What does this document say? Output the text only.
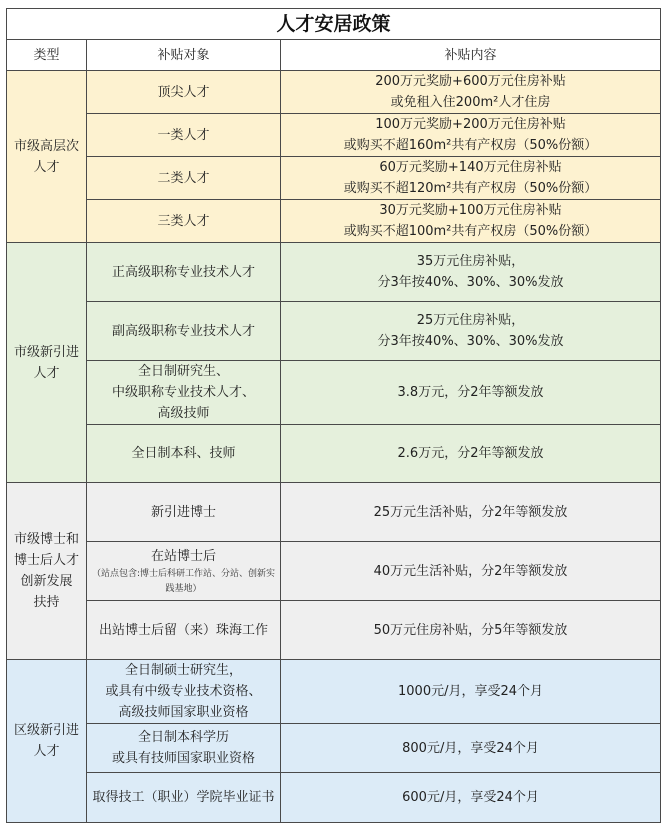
人才安居政策		
类型	补贴对象	补贴内容

市级高层次
人才	顶尖人才	200万元奖励+600万元住房补贴
或免租入住200m²人才住房

	一类人才	100万元奖励+200万元住房补贴
或购买不超160m²共有产权房（50%份额）

	二类人才	60万元奖励+140万元住房补贴
或购买不超120m²共有产权房（50%份额）

	三类人才	30万元奖励+100万元住房补贴
或购买不超100m²共有产权房（50%份额）

市级新引进
人才	正高级职称专业技术人才	35万元住房补贴，
分3年按40%、30%、30%发放

	副高级职称专业技术人才	25万元住房补贴，
分3年按40%、30%、30%发放

	全日制研究生、
中级职称专业技术人才、
高级技师	3.8万元，分2年等额发放

	全日制本科、技师	2.6万元，分2年等额发放

市级博士和
博士后人才
创新发展
扶持	新引进博士	25万元生活补贴，分2年等额发放

	在站博士后
（站点包含:博士后科研工作站、分站、创新实践基地）	40万元生活补贴，分2年等额发放

	出站博士后留（来）珠海工作	50万元住房补贴，分5年等额发放

区级新引进
人才	全日制硕士研究生，
或具有中级专业技术资格、
高级技师国家职业资格	1000元/月，享受24个月

	全日制本科学历
或具有技师国家职业资格	800元/月，享受24个月

	取得技工（职业）学院毕业证书	600元/月，享受24个月
